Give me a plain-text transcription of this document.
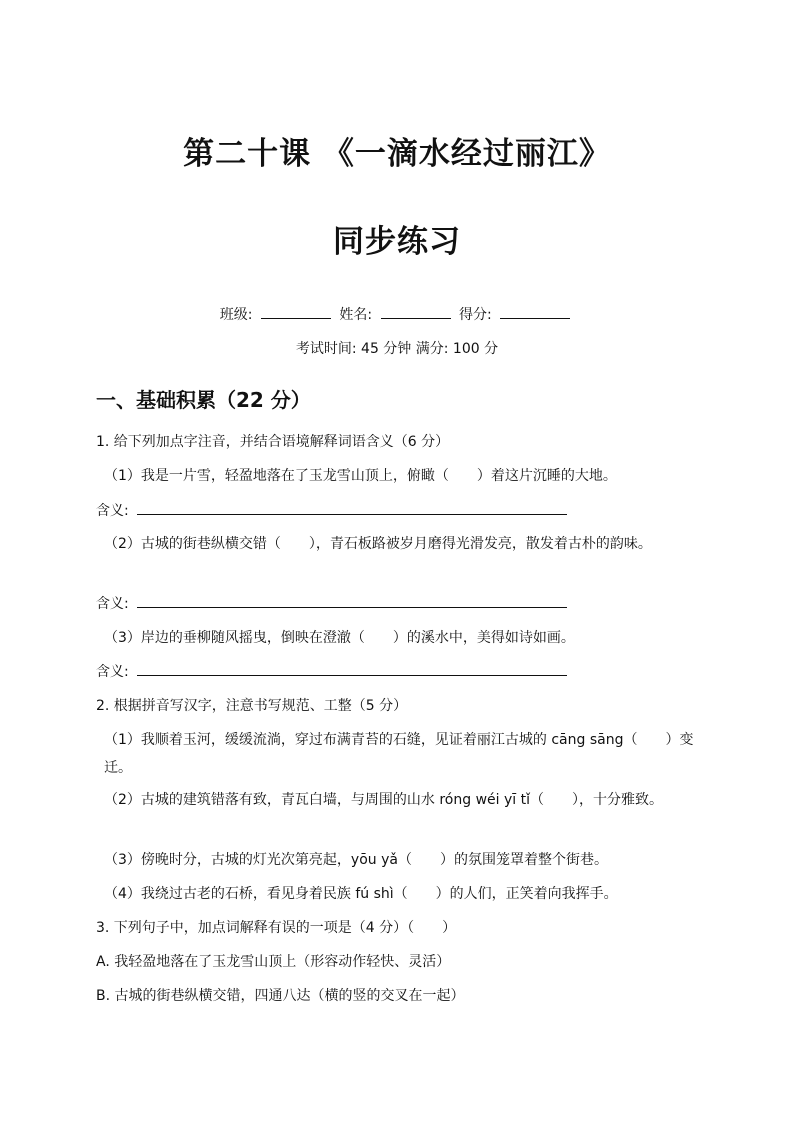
第二十课 《一滴水经过丽江》
同步练习

班级:	姓名:	得分:

考试时间: 45 分钟 满分: 100 分

一、基础积累（22 分）

1. 给下列加点字注音，并结合语境解释词语含义（6 分）

（1）我是一片雪，轻盈地落在了玉龙雪山顶上，俯瞰（　　）着这片沉睡的大地。

含义:

（2）古城的街巷纵横交错（　　），青石板路被岁月磨得光滑发亮，散发着古朴的韵味。

含义:

（3）岸边的垂柳随风摇曳，倒映在澄澈（　　）的溪水中，美得如诗如画。

含义:

2. 根据拼音写汉字，注意书写规范、工整（5 分）

（1）我顺着玉河，缓缓流淌，穿过布满青苔的石缝，见证着丽江古城的 cāng sāng（　　）变迁。

（2）古城的建筑错落有致，青瓦白墙，与周围的山水 róng wéi yī tǐ（　　），十分雅致。

（3）傍晚时分，古城的灯光次第亮起，yōu yǎ（　　）的氛围笼罩着整个街巷。

（4）我绕过古老的石桥，看见身着民族 fú shì（　　）的人们，正笑着向我挥手。

3. 下列句子中，加点词解释有误的一项是（4 分）（　　）

A. 我轻盈地落在了玉龙雪山顶上（形容动作轻快、灵活）

B. 古城的街巷纵横交错，四通八达（横的竖的交叉在一起）
